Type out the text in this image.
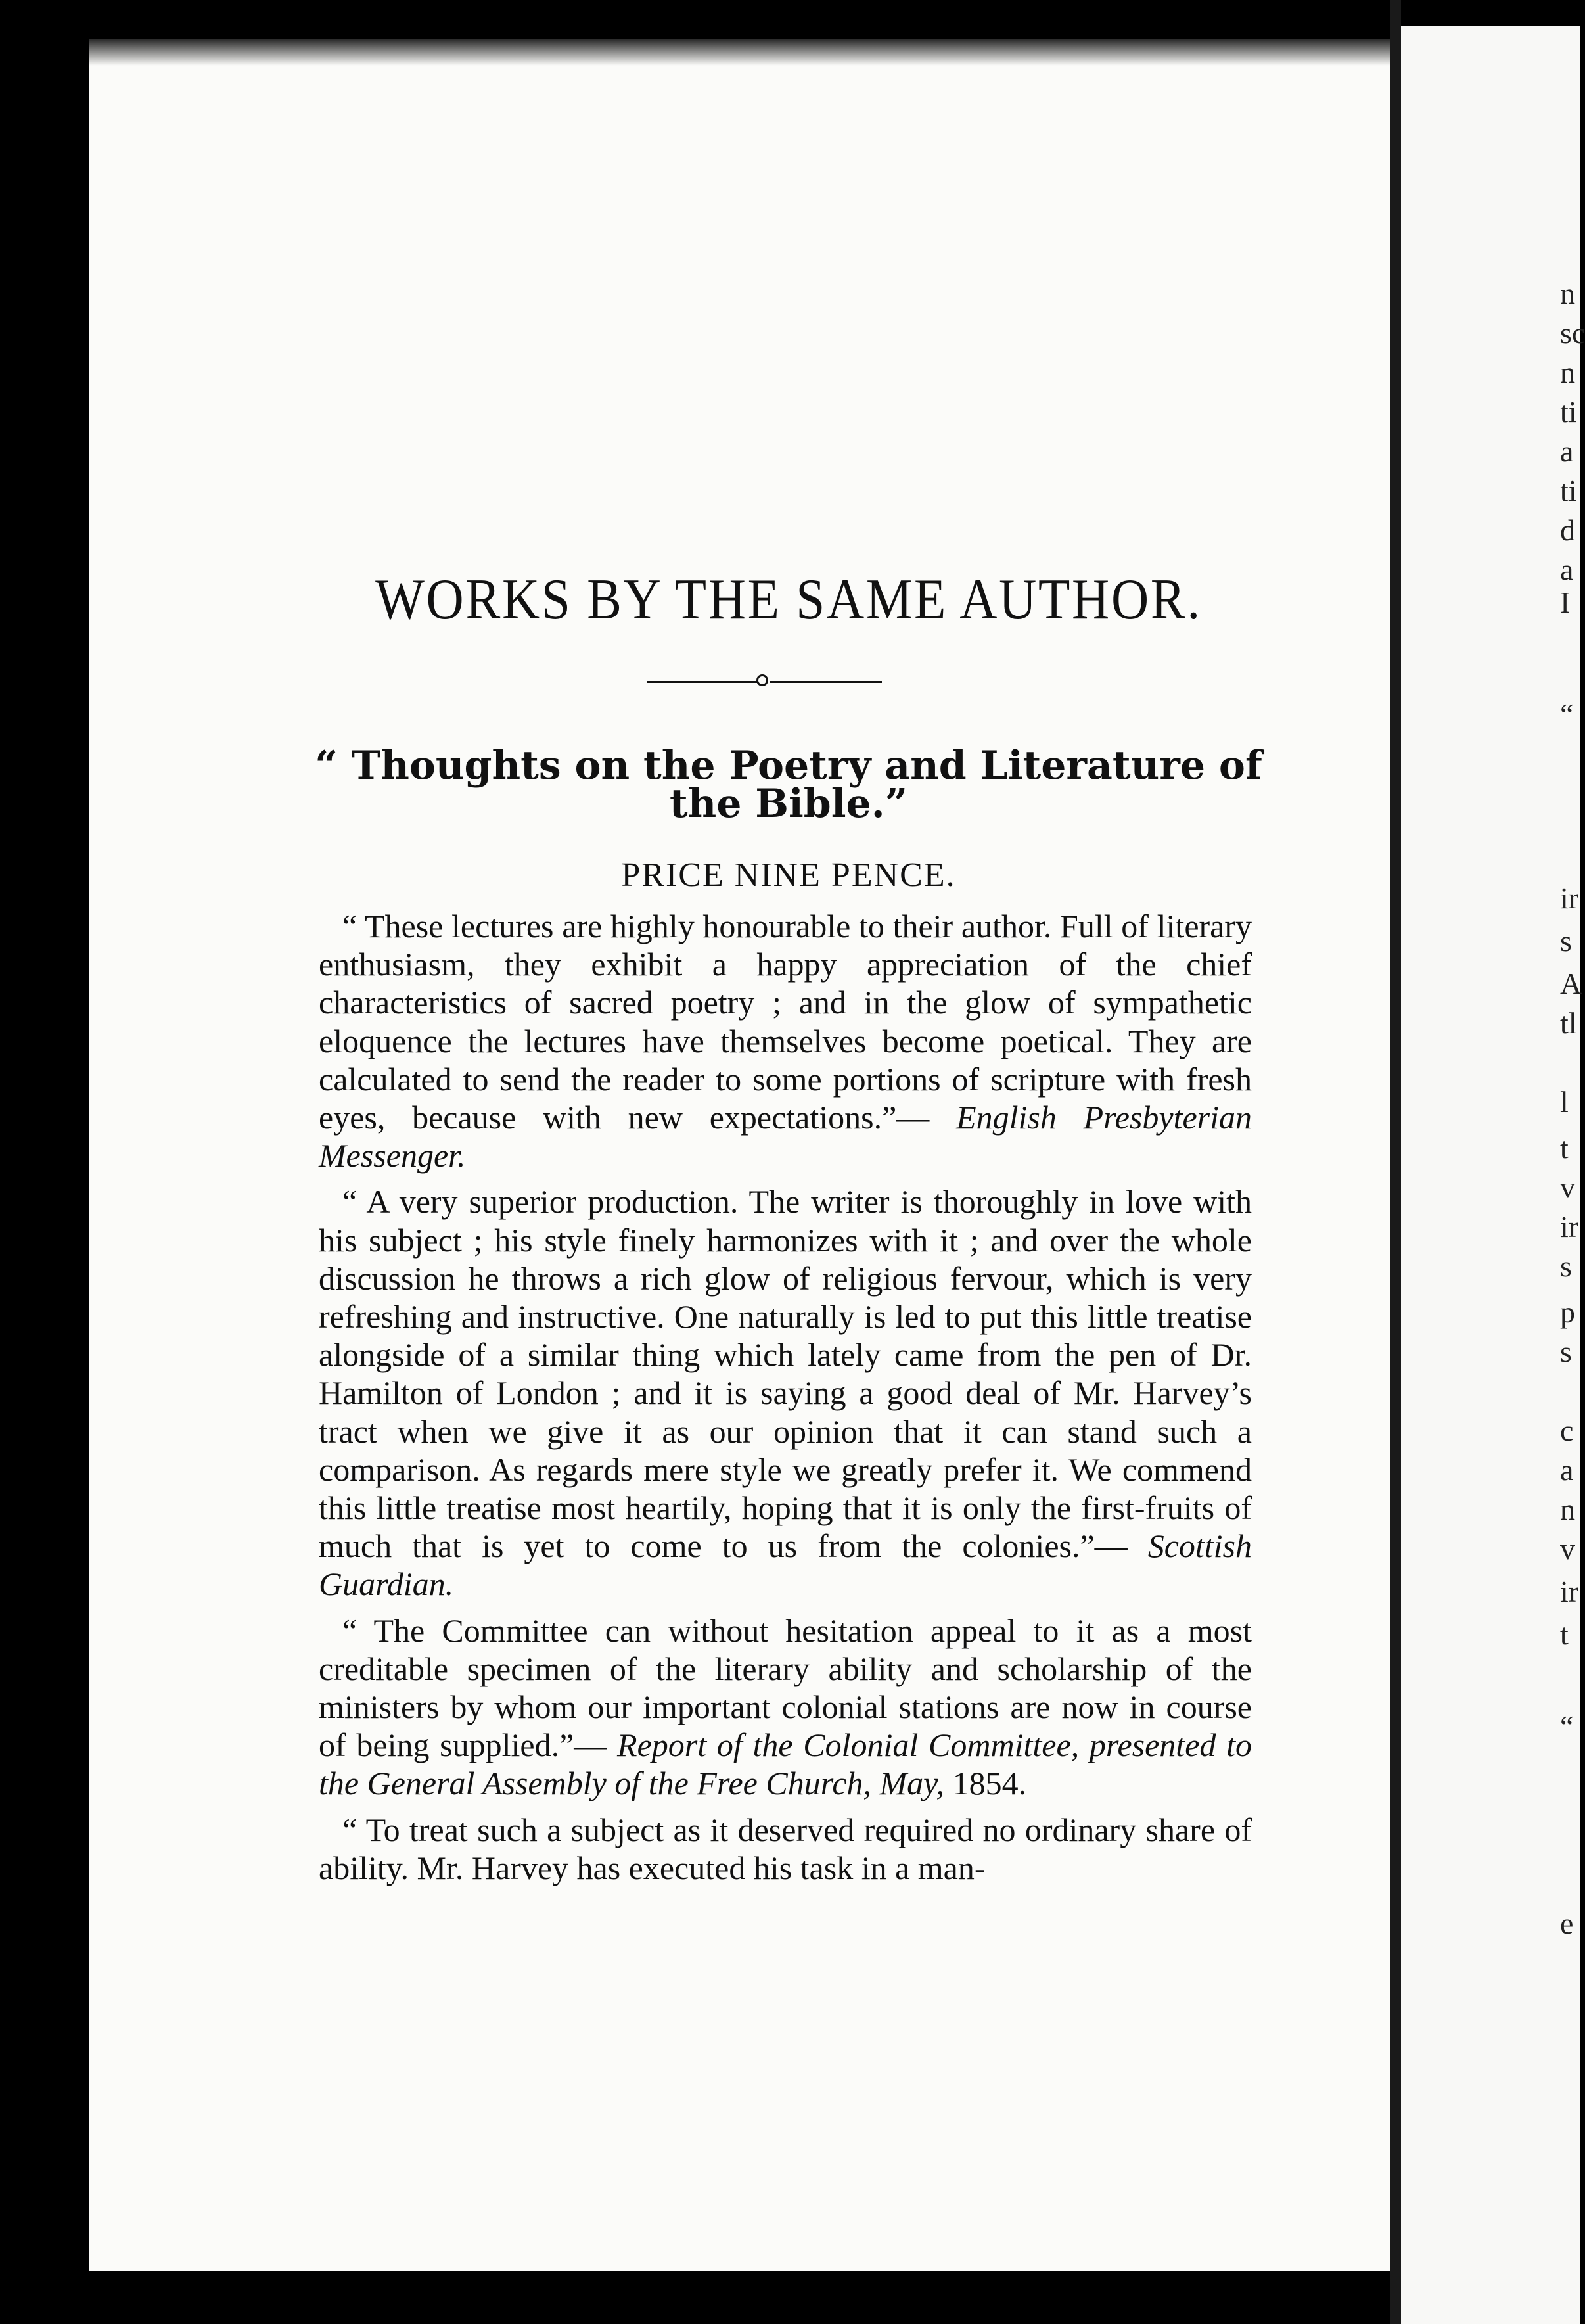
WORKS BY THE SAME AUTHOR.
“ Thoughts on the Poetry and Literature of the Bible.”
PRICE NINE PENCE.

“ These lectures are highly honourable to their author. Full of literary enthusiasm, they exhibit a happy appreciation of the chief characteristics of sacred poetry ; and in the glow of sympathetic eloquence the lectures have themselves become poetical. They are calculated to send the reader to some portions of scripture with fresh eyes, because with new expectations.”— English Presbyterian Messenger.

“ A very superior production. The writer is thoroughly in love with his subject ; his style finely harmonizes with it ; and over the whole discussion he throws a rich glow of religious fervour, which is very refreshing and instructive. One naturally is led to put this little treatise alongside of a similar thing which lately came from the pen of Dr. Hamilton of London ; and it is saying a good deal of Mr. Harvey’s tract when we give it as our opinion that it can stand such a comparison. As regards mere style we greatly prefer it. We commend this little treatise most heartily, hoping that it is only the first-fruits of much that is yet to come to us from the colonies.”— Scottish Guardian.

“ The Committee can without hesitation appeal to it as a most creditable specimen of the literary ability and scholarship of the ministers by whom our important colonial stations are now in course of being supplied.”— Report of the Colonial Committee, presented to the General Assembly of the Free Church, May, 1854.

“ To treat such a subject as it deserved required no ordinary share of ability. Mr. Harvey has executed his task in a man-

n
sc
n
ti
a
ti
d
a
I
“
ir
s
A
tl
l
t
v
ir
s
p
s
c
a
n
v
ir
t
“
e
